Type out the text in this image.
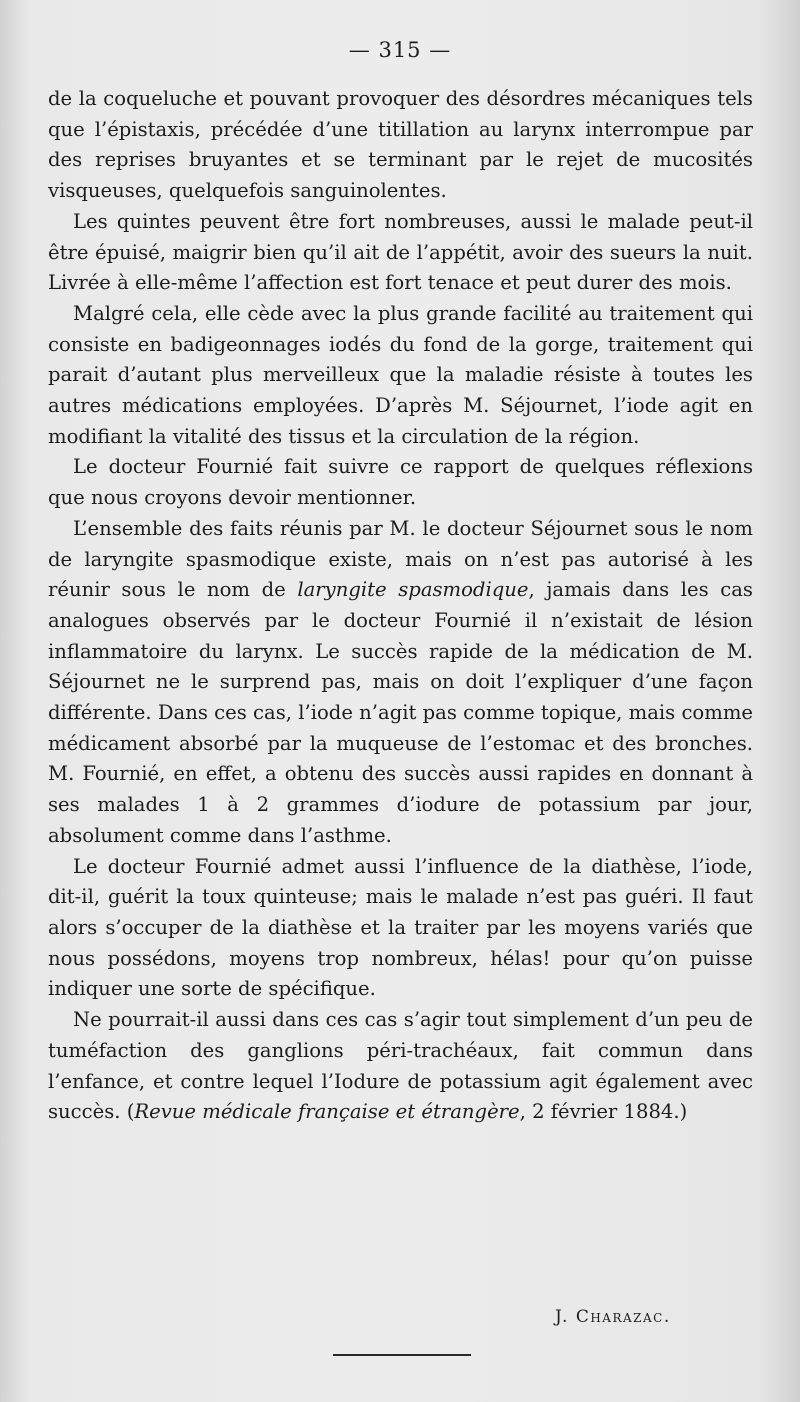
— 315 —

de la coqueluche et pouvant provoquer des désordres mécaniques tels que l’épistaxis, précédée d’une titillation au larynx interrompue par des reprises bruyantes et se terminant par le rejet de mucosités visqueuses, quelquefois sanguinolentes.

Les quintes peuvent être fort nombreuses, aussi le malade peut-il être épuisé, maigrir bien qu’il ait de l’appétit, avoir des sueurs la nuit. Livrée à elle-même l’affection est fort tenace et peut durer des mois.

Malgré cela, elle cède avec la plus grande facilité au traitement qui consiste en badigeonnages iodés du fond de la gorge, traitement qui parait d’autant plus merveilleux que la maladie résiste à toutes les autres médications employées. D’après M. Séjournet, l’iode agit en modifiant la vitalité des tissus et la circulation de la région.

Le docteur Fournié fait suivre ce rapport de quelques réflexions que nous croyons devoir mentionner.

L’ensemble des faits réunis par M. le docteur Séjournet sous le nom de laryngite spasmodique existe, mais on n’est pas autorisé à les réunir sous le nom de laryngite spasmodique, jamais dans les cas analogues observés par le docteur Fournié il n’existait de lésion inflammatoire du larynx. Le succès rapide de la médication de M. Séjournet ne le surprend pas, mais on doit l’expliquer d’une façon différente. Dans ces cas, l’iode n’agit pas comme topique, mais comme médicament absorbé par la muqueuse de l’estomac et des bronches. M. Fournié, en effet, a obtenu des succès aussi rapides en donnant à ses malades 1 à 2 grammes d’iodure de potassium par jour, absolument comme dans l’asthme.

Le docteur Fournié admet aussi l’influence de la diathèse, l’iode, dit-il, guérit la toux quinteuse; mais le malade n’est pas guéri. Il faut alors s’occuper de la diathèse et la traiter par les moyens variés que nous possédons, moyens trop nombreux, hélas! pour qu’on puisse indiquer une sorte de spécifique.

Ne pourrait-il aussi dans ces cas s’agir tout simplement d’un peu de tuméfaction des ganglions péri-trachéaux, fait commun dans l’enfance, et contre lequel l’Iodure de potassium agit également avec succès. (Revue médicale française et étrangère, 2 février 1884.)

J. Charazac.
